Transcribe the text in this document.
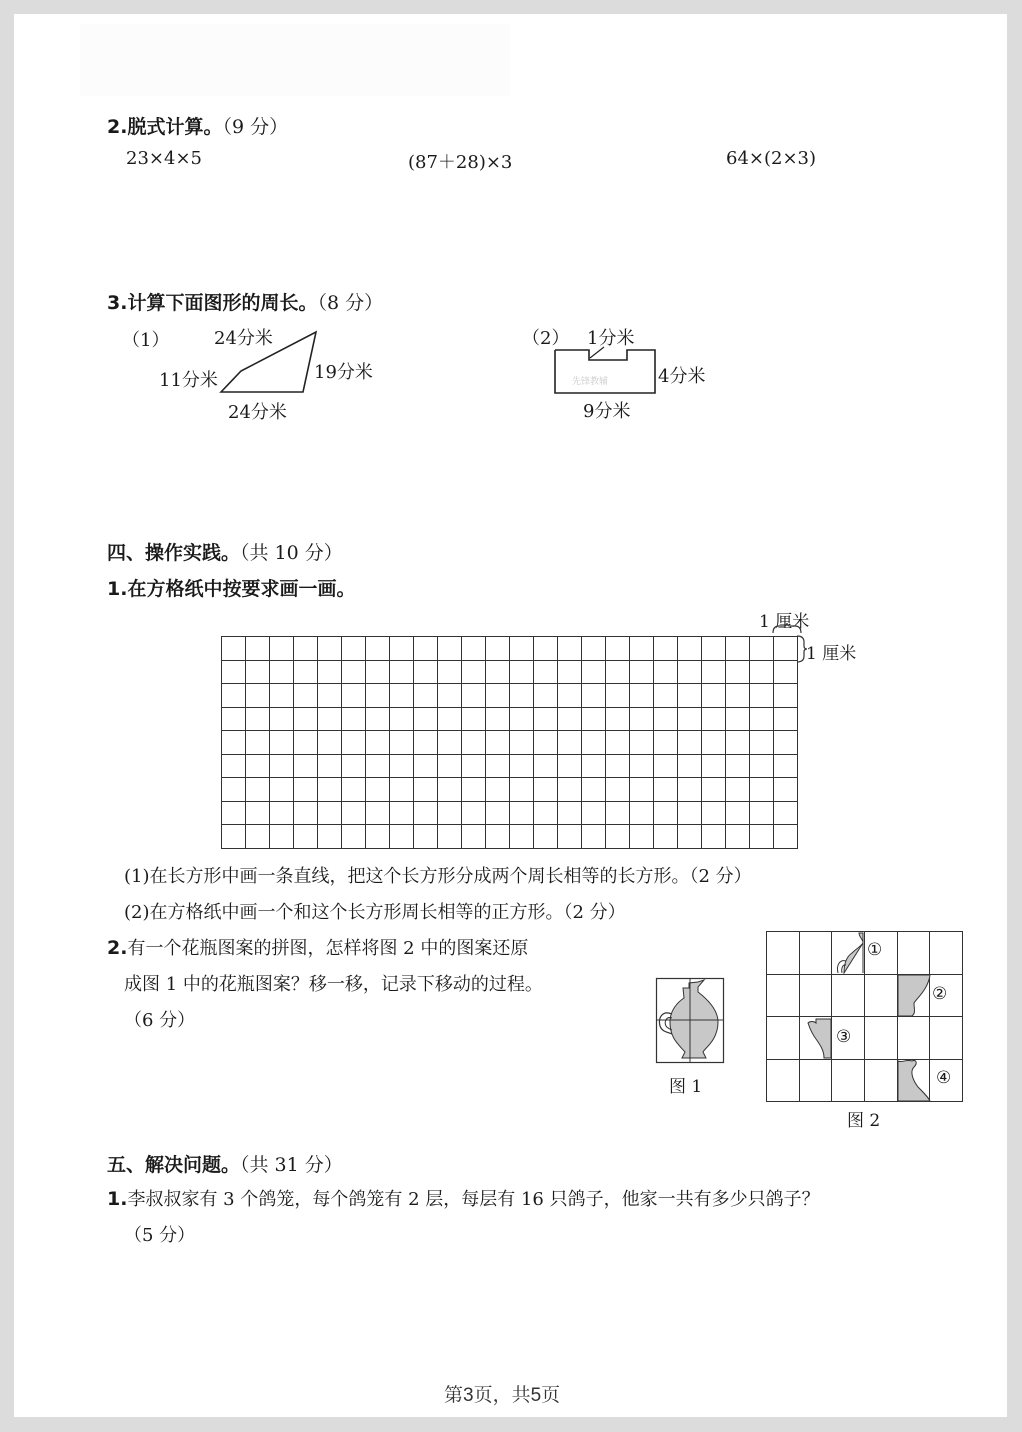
2.脱式计算。（9 分）
23×4×5	(87＋28)×3	64×(2×3)
3.计算下面图形的周长。（8 分）
（1） 24分米
11分米	19分米
24分米
（2） 1分米
4分米
9分米
先锋教辅
四、操作实践。（共 10 分）
1.在方格纸中按要求画一画。
1 厘米
1 厘米
(1)在长方形中画一条直线，把这个长方形分成两个周长相等的长方形。（2 分）
(2)在方格纸中画一个和这个长方形周长相等的正方形。（2 分）
2.有一个花瓶图案的拼图，怎样将图 2 中的图案还原
成图 1 中的花瓶图案？移一移，记录下移动的过程。
（6 分）
图 1
①
②
③
④
图 2
五、解决问题。（共 31 分）
1.李叔叔家有 3 个鸽笼，每个鸽笼有 2 层，每层有 16 只鸽子，他家一共有多少只鸽子？
（5 分）
第3页，共5页
